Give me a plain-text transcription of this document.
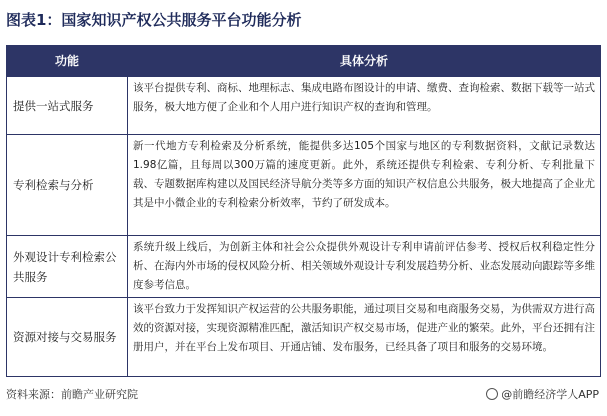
图表1：国家知识产权公共服务平台功能分析
功能	具体分析
提供一站式服务
该平台提供专利、商标、地理标志、集成电路布图设计的申请、缴费、查询检索、数据下载等一站式服务，极大地方便了企业和个人用户进行知识产权的查询和管理。
专利检索与分析
新一代地方专利检索及分析系统，能提供多达105个国家与地区的专利数据资料，文献记录数达1.98亿篇，且每周以300万篇的速度更新。此外，系统还提供专利检索、专利分析、专利批量下载、专题数据库构建以及国民经济导航分类等多方面的知识产权信息公共服务，极大地提高了企业尤其是中小微企业的专利检索分析效率，节约了研发成本。
外观设计专利检索公共服务
系统升级上线后，为创新主体和社会公众提供外观设计专利申请前评估参考、授权后权利稳定性分析、在海内外市场的侵权风险分析、相关领域外观设计专利发展趋势分析、业态发展动向跟踪等多维度参考信息。
资源对接与交易服务
该平台致力于发挥知识产权运营的公共服务职能，通过项目交易和电商服务交易，为供需双方进行高效的资源对接，实现资源精准匹配，激活知识产权交易市场，促进产业的繁荣。此外，平台还拥有注册用户，并在平台上发布项目、开通店铺、发布服务，已经具备了项目和服务的交易环境。
资料来源：前瞻产业研究院	@前瞻经济学人APP
